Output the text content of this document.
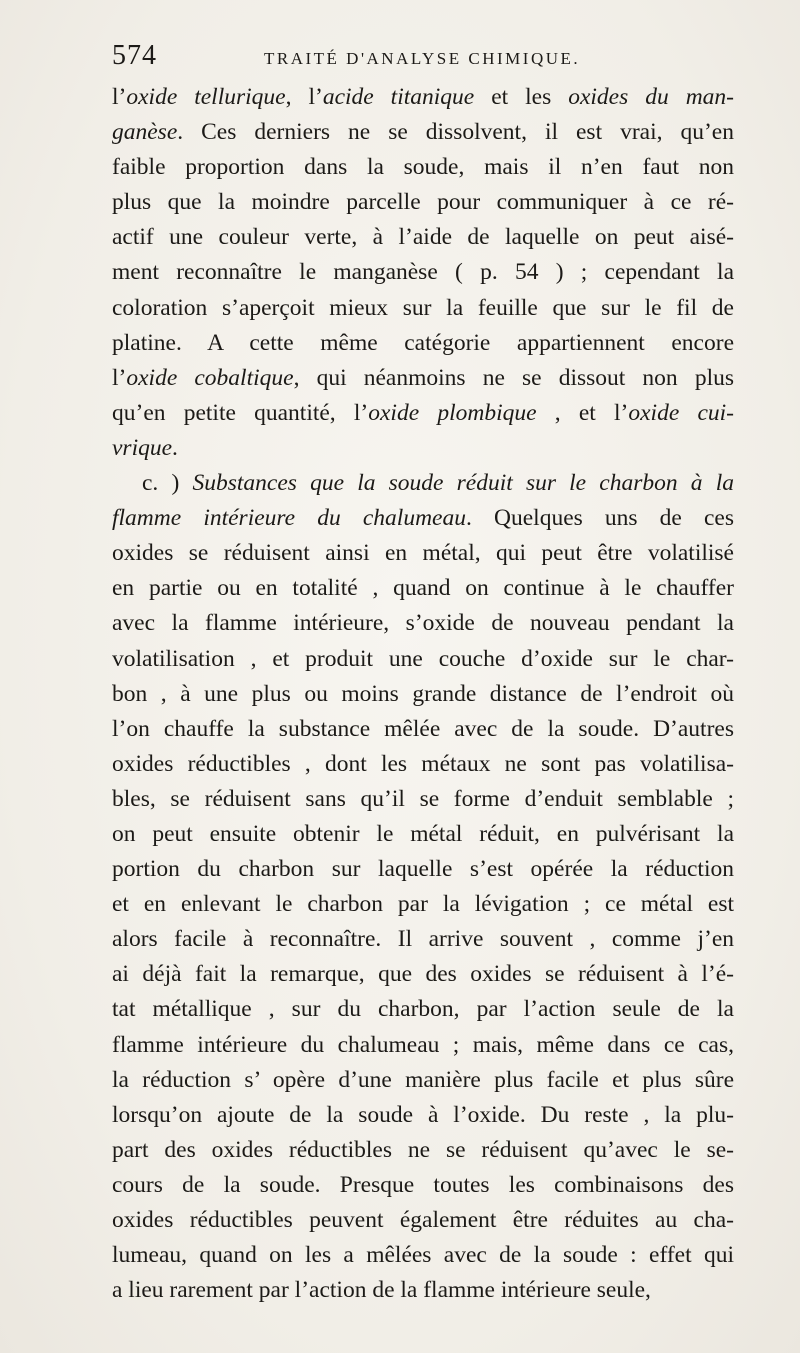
574	TRAITÉ D'ANALYSE CHIMIQUE.
l’oxide tellurique, l’acide titanique et les oxides du man-
ganèse. Ces derniers ne se dissolvent, il est vrai, qu’en
faible proportion dans la soude, mais il n’en faut non
plus que la moindre parcelle pour communiquer à ce ré-
actif une couleur verte, à l’aide de laquelle on peut aisé-
ment reconnaître le manganèse ( p. 54 ) ; cependant la
coloration s’aperçoit mieux sur la feuille que sur le fil de
platine. A cette même catégorie appartiennent encore
l’oxide cobaltique, qui néanmoins ne se dissout non plus
qu’en petite quantité, l’oxide plombique , et l’oxide cui-
vrique.
c. ) Substances que la soude réduit sur le charbon à la
flamme intérieure du chalumeau. Quelques uns de ces
oxides se réduisent ainsi en métal, qui peut être volatilisé
en partie ou en totalité , quand on continue à le chauffer
avec la flamme intérieure, s’oxide de nouveau pendant la
volatilisation , et produit une couche d’oxide sur le char-
bon , à une plus ou moins grande distance de l’endroit où
l’on chauffe la substance mêlée avec de la soude. D’autres
oxides réductibles , dont les métaux ne sont pas volatilisa-
bles, se réduisent sans qu’il se forme d’enduit semblable ;
on peut ensuite obtenir le métal réduit, en pulvérisant la
portion du charbon sur laquelle s’est opérée la réduction
et en enlevant le charbon par la lévigation ; ce métal est
alors facile à reconnaître. Il arrive souvent , comme j’en
ai déjà fait la remarque, que des oxides se réduisent à l’é-
tat métallique , sur du charbon, par l’action seule de la
flamme intérieure du chalumeau ; mais, même dans ce cas,
la réduction s’ opère d’une manière plus facile et plus sûre
lorsqu’on ajoute de la soude à l’oxide. Du reste , la plu-
part des oxides réductibles ne se réduisent qu’avec le se-
cours de la soude. Presque toutes les combinaisons des
oxides réductibles peuvent également être réduites au cha-
lumeau, quand on les a mêlées avec de la soude : effet qui
a lieu rarement par l’action de la flamme intérieure seule,
